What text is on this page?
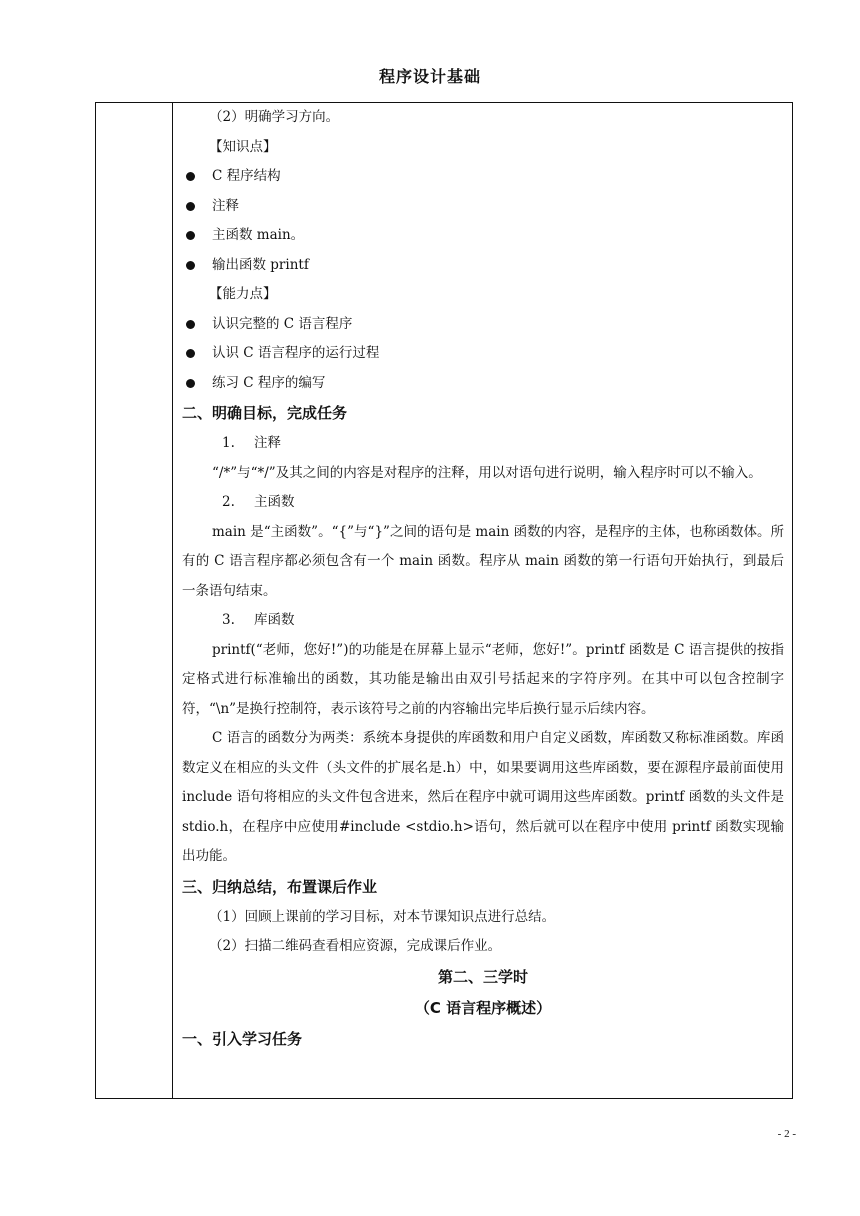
程序设计基础
（2）明确学习方向。
【知识点】
C 程序结构
注释
主函数 main。
输出函数 printf
【能力点】
认识完整的 C 语言程序
认识 C 语言程序的运行过程
练习 C 程序的编写
二、明确目标，完成任务
1. 注释

“/*”与“*/”及其之间的内容是对程序的注释，用以对语句进行说明，输入程序时可以不输入。

2. 主函数

main 是“主函数”。“{”与“}”之间的语句是 main 函数的内容，是程序的主体，也称函数体。所有的 C 语言程序都必须包含有一个 main 函数。程序从 main 函数的第一行语句开始执行，到最后一条语句结束。

3. 库函数

printf(“老师，您好!”)的功能是在屏幕上显示“老师，您好!”。printf 函数是 C 语言提供的按指定格式进行标准输出的函数，其功能是输出由双引号括起来的字符序列。在其中可以包含控制字符，“\n”是换行控制符，表示该符号之前的内容输出完毕后换行显示后续内容。

C 语言的函数分为两类：系统本身提供的库函数和用户自定义函数，库函数又称标准函数。库函数定义在相应的头文件（头文件的扩展名是.h）中，如果要调用这些库函数，要在源程序最前面使用 include 语句将相应的头文件包含进来，然后在程序中就可调用这些库函数。printf 函数的头文件是 stdio.h，在程序中应使用#include <stdio.h>语句，然后就可以在程序中使用 printf 函数实现输出功能。

三、归纳总结，布置课后作业
（1）回顾上课前的学习目标，对本节课知识点进行总结。
（2）扫描二维码查看相应资源，完成课后作业。
第二、三学时
（C 语言程序概述）
一、引入学习任务
- 2 -
